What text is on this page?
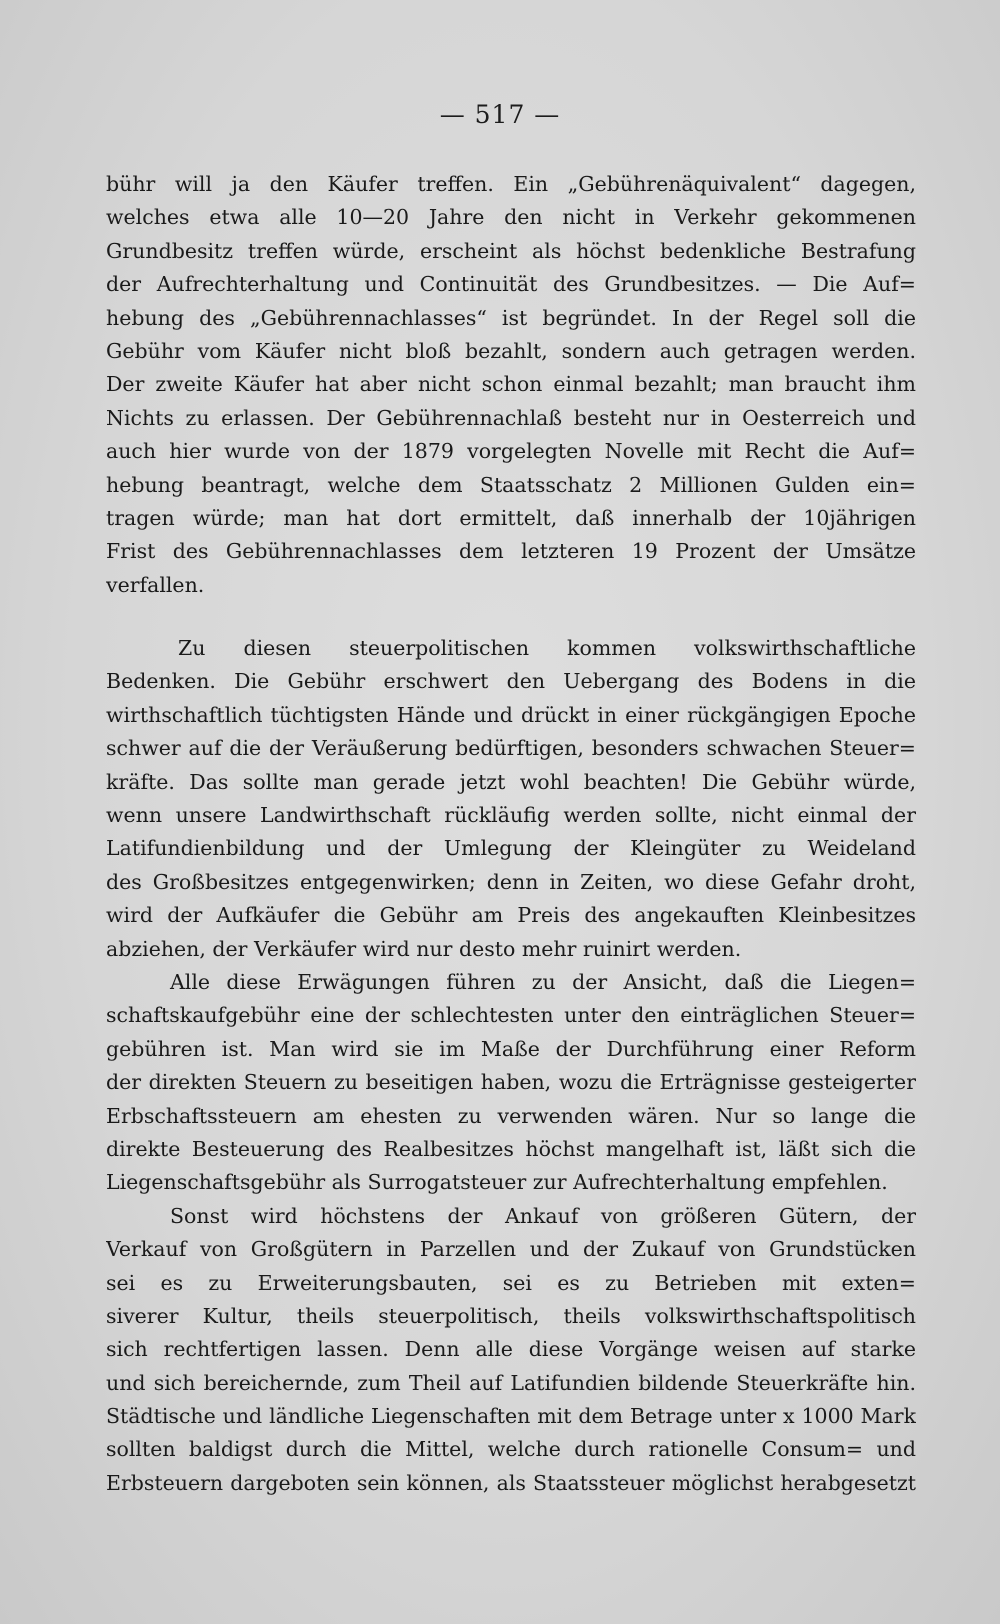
— 517 —
bühr will ja den Käufer treffen. Ein „Gebührenäquivalent“ dagegen,
welches etwa alle 10—20 Jahre den nicht in Verkehr gekommenen
Grundbesitz treffen würde, erscheint als höchst bedenkliche Bestrafung
der Aufrechterhaltung und Continuität des Grundbesitzes. — Die Auf=
hebung des „Gebührennachlasses“ ist begründet. In der Regel soll die
Gebühr vom Käufer nicht bloß bezahlt, sondern auch getragen werden.
Der zweite Käufer hat aber nicht schon einmal bezahlt; man braucht ihm
Nichts zu erlassen. Der Gebührennachlaß besteht nur in Oesterreich und
auch hier wurde von der 1879 vorgelegten Novelle mit Recht die Auf=
hebung beantragt, welche dem Staatsschatz 2 Millionen Gulden ein=
tragen würde; man hat dort ermittelt, daß innerhalb der 10jährigen
Frist des Gebührennachlasses dem letzteren 19 Prozent der Umsätze
verfallen.
Zu diesen steuerpolitischen kommen volkswirthschaftliche
Bedenken. Die Gebühr erschwert den Uebergang des Bodens in die
wirthschaftlich tüchtigsten Hände und drückt in einer rückgängigen Epoche
schwer auf die der Veräußerung bedürftigen, besonders schwachen Steuer=
kräfte. Das sollte man gerade jetzt wohl beachten! Die Gebühr würde,
wenn unsere Landwirthschaft rückläufig werden sollte, nicht einmal der
Latifundienbildung und der Umlegung der Kleingüter zu Weideland
des Großbesitzes entgegenwirken; denn in Zeiten, wo diese Gefahr droht,
wird der Aufkäufer die Gebühr am Preis des angekauften Kleinbesitzes
abziehen, der Verkäufer wird nur desto mehr ruinirt werden.
Alle diese Erwägungen führen zu der Ansicht, daß die Liegen=
schaftskaufgebühr eine der schlechtesten unter den einträglichen Steuer=
gebühren ist. Man wird sie im Maße der Durchführung einer Reform
der direkten Steuern zu beseitigen haben, wozu die Erträgnisse gesteigerter
Erbschaftssteuern am ehesten zu verwenden wären. Nur so lange die
direkte Besteuerung des Realbesitzes höchst mangelhaft ist, läßt sich die
Liegenschaftsgebühr als Surrogatsteuer zur Aufrechterhaltung empfehlen.
Sonst wird höchstens der Ankauf von größeren Gütern, der
Verkauf von Großgütern in Parzellen und der Zukauf von Grundstücken
sei es zu Erweiterungsbauten, sei es zu Betrieben mit exten=
siverer Kultur, theils steuerpolitisch, theils volkswirthschaftspolitisch
sich rechtfertigen lassen. Denn alle diese Vorgänge weisen auf starke
und sich bereichernde, zum Theil auf Latifundien bildende Steuerkräfte hin.
Städtische und ländliche Liegenschaften mit dem Betrage unter x 1000 Mark
sollten baldigst durch die Mittel, welche durch rationelle Consum= und
Erbsteuern dargeboten sein können, als Staatssteuer möglichst herabgesetzt
